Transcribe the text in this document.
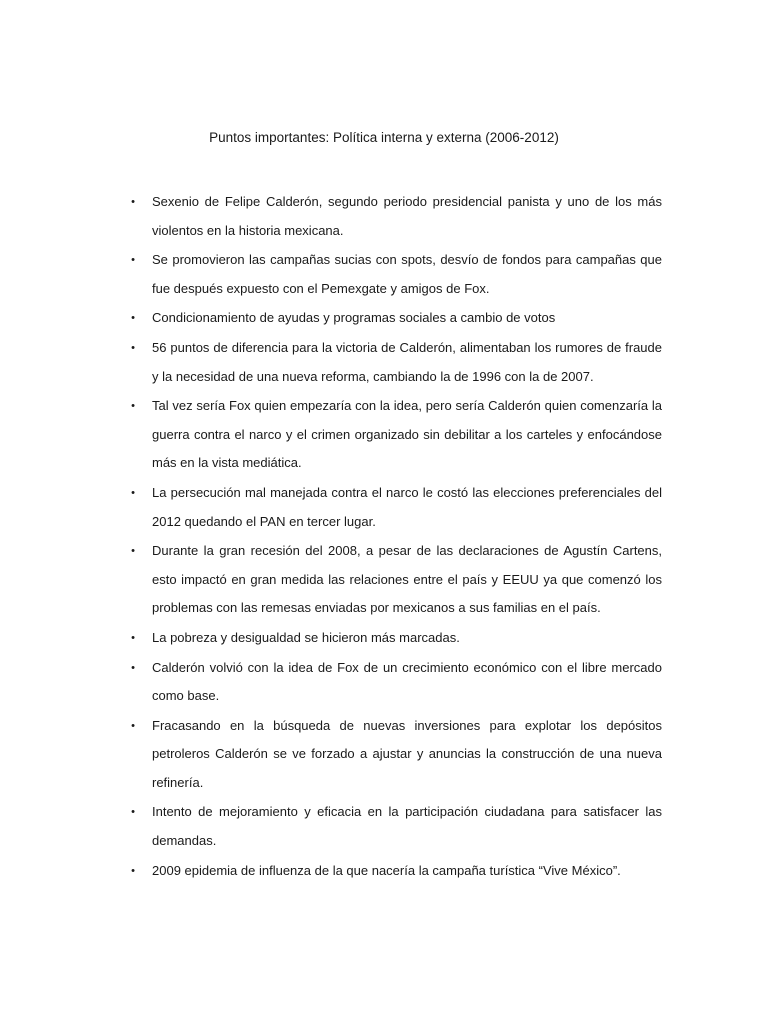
Puntos importantes: Política interna y externa (2006-2012)
• Sexenio de Felipe Calderón, segundo periodo presidencial panista y uno de los más violentos en la historia mexicana.
• Se promovieron las campañas sucias con spots, desvío de fondos para campañas que fue después expuesto con el Pemexgate y amigos de Fox.
• Condicionamiento de ayudas y programas sociales a cambio de votos
• 56 puntos de diferencia para la victoria de Calderón, alimentaban los rumores de fraude y la necesidad de una nueva reforma, cambiando la de 1996 con la de 2007.
• Tal vez sería Fox quien empezaría con la idea, pero sería Calderón quien comenzaría la guerra contra el narco y el crimen organizado sin debilitar a los carteles y enfocándose más en la vista mediática.
• La persecución mal manejada contra el narco le costó las elecciones preferenciales del 2012 quedando el PAN en tercer lugar.
• Durante la gran recesión del 2008, a pesar de las declaraciones de Agustín Cartens, esto impactó en gran medida las relaciones entre el país y EEUU ya que comenzó los problemas con las remesas enviadas por mexicanos a sus familias en el país.
• La pobreza y desigualdad se hicieron más marcadas.
• Calderón volvió con la idea de Fox de un crecimiento económico con el libre mercado como base.
• Fracasando en la búsqueda de nuevas inversiones para explotar los depósitos petroleros Calderón se ve forzado a ajustar y anuncias la construcción de una nueva refinería.
• Intento de mejoramiento y eficacia en la participación ciudadana para satisfacer las demandas.
• 2009 epidemia de influenza de la que nacería la campaña turística “Vive México”.
